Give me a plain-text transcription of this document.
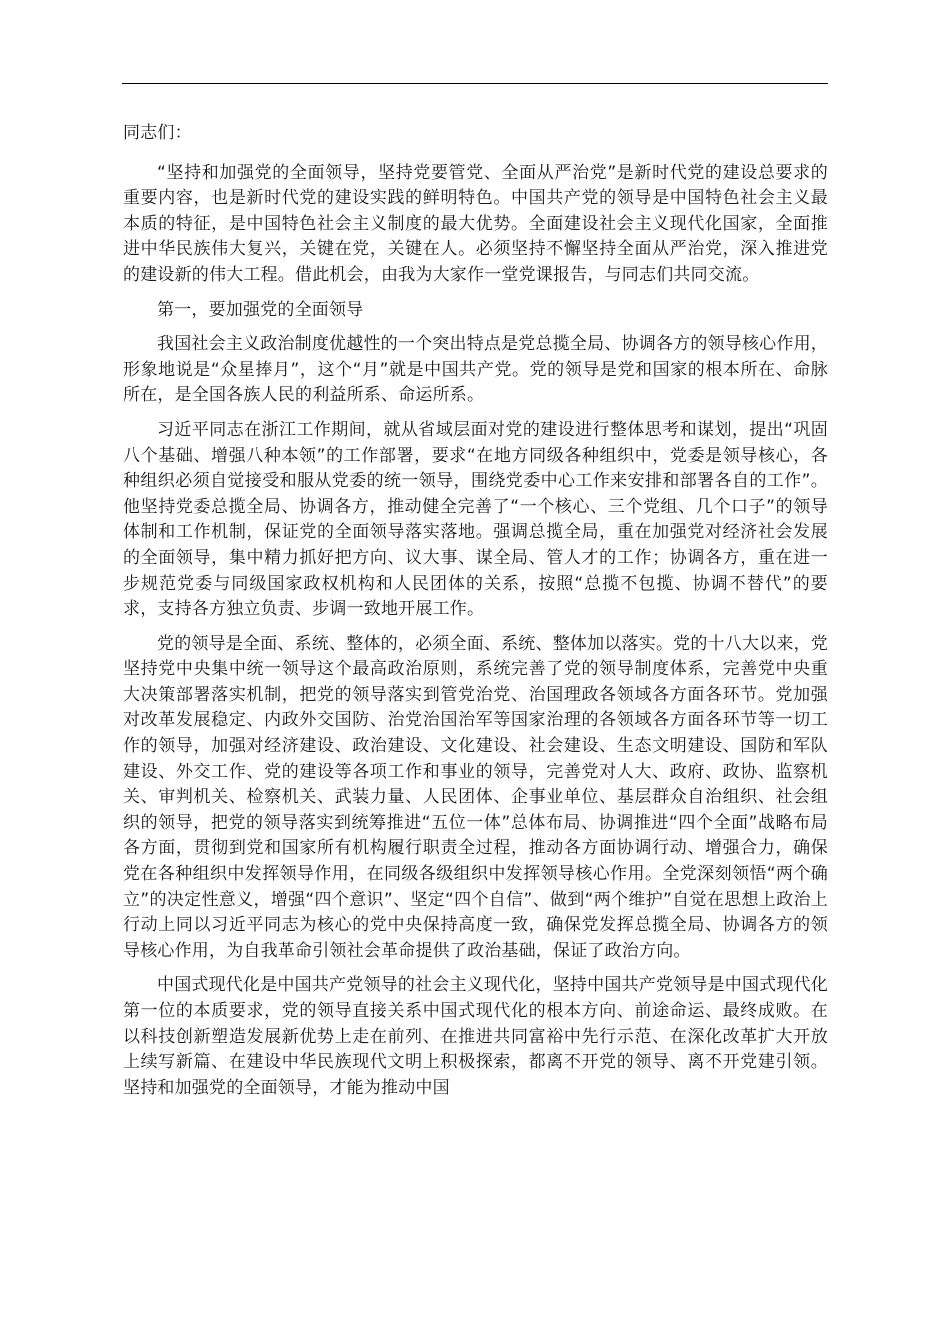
同志们：

“坚持和加强党的全面领导，坚持党要管党、全面从严治党”是新时代党的建设总要求的重要内容，也是新时代党的建设实践的鲜明特色。中国共产党的领导是中国特色社会主义最本质的特征，是中国特色社会主义制度的最大优势。全面建设社会主义现代化国家，全面推进中华民族伟大复兴，关键在党，关键在人。必须坚持不懈坚持全面从严治党，深入推进党的建设新的伟大工程。借此机会，由我为大家作一堂党课报告，与同志们共同交流。

第一，要加强党的全面领导

我国社会主义政治制度优越性的一个突出特点是党总揽全局、协调各方的领导核心作用，形象地说是“众星捧月”，这个“月”就是中国共产党。党的领导是党和国家的根本所在、命脉所在，是全国各族人民的利益所系、命运所系。

习近平同志在浙江工作期间，就从省域层面对党的建设进行整体思考和谋划，提出“巩固八个基础、增强八种本领”的工作部署，要求“在地方同级各种组织中，党委是领导核心，各种组织必须自觉接受和服从党委的统一领导，围绕党委中心工作来安排和部署各自的工作”。他坚持党委总揽全局、协调各方，推动健全完善了“一个核心、三个党组、几个口子”的领导体制和工作机制，保证党的全面领导落实落地。强调总揽全局，重在加强党对经济社会发展的全面领导，集中精力抓好把方向、议大事、谋全局、管人才的工作；协调各方，重在进一步规范党委与同级国家政权机构和人民团体的关系，按照“总揽不包揽、协调不替代”的要求，支持各方独立负责、步调一致地开展工作。

党的领导是全面、系统、整体的，必须全面、系统、整体加以落实。党的十八大以来，党坚持党中央集中统一领导这个最高政治原则，系统完善了党的领导制度体系，完善党中央重大决策部署落实机制，把党的领导落实到管党治党、治国理政各领域各方面各环节。党加强对改革发展稳定、内政外交国防、治党治国治军等国家治理的各领域各方面各环节等一切工作的领导，加强对经济建设、政治建设、文化建设、社会建设、生态文明建设、国防和军队建设、外交工作、党的建设等各项工作和事业的领导，完善党对人大、政府、政协、监察机关、审判机关、检察机关、武装力量、人民团体、企事业单位、基层群众自治组织、社会组织的领导，把党的领导落实到统筹推进“五位一体”总体布局、协调推进“四个全面”战略布局各方面，贯彻到党和国家所有机构履行职责全过程，推动各方面协调行动、增强合力，确保党在各种组织中发挥领导作用，在同级各级组织中发挥领导核心作用。全党深刻领悟“两个确立”的决定性意义，增强“四个意识”、坚定“四个自信”、做到“两个维护”自觉在思想上政治上行动上同以习近平同志为核心的党中央保持高度一致，确保党发挥总揽全局、协调各方的领导核心作用，为自我革命引领社会革命提供了政治基础，保证了政治方向。

中国式现代化是中国共产党领导的社会主义现代化，坚持中国共产党领导是中国式现代化第一位的本质要求，党的领导直接关系中国式现代化的根本方向、前途命运、最终成败。在以科技创新塑造发展新优势上走在前列、在推进共同富裕中先行示范、在深化改革扩大开放上续写新篇、在建设中华民族现代文明上积极探索，都离不开党的领导、离不开党建引领。坚持和加强党的全面领导，才能为推动中国
